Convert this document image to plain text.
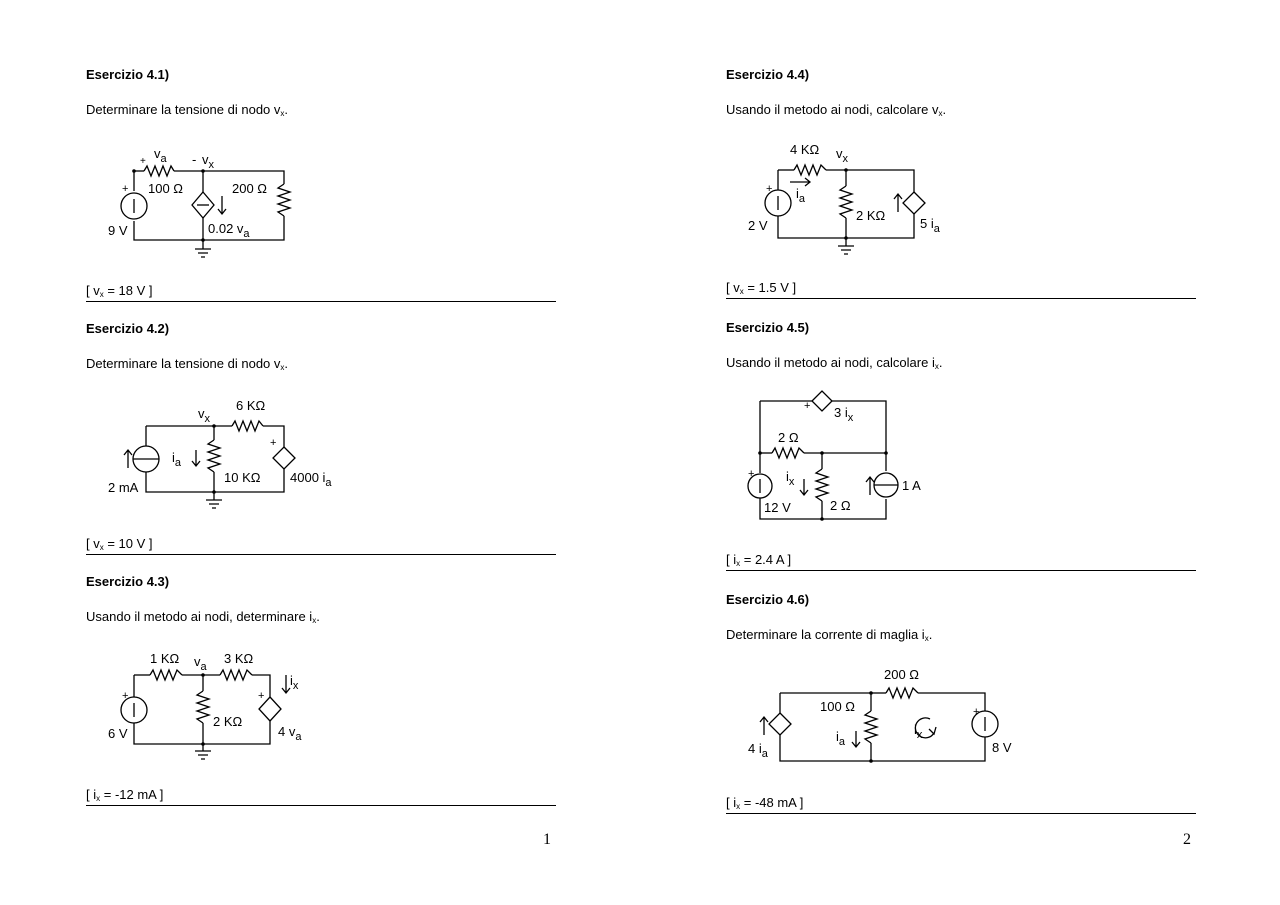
Esercizio 4.1)
Determinare la tensione di nodo $v_x$.
+
$v_a - v_x$
100 Ω	200 Ω
+
9 V	0.02 $v_a$
[ $v_x = 18$ V ]
Esercizio 4.2)
Determinare la tensione di nodo $v_x$.
$v_x$
6 KΩ
10 KΩ
2 mA
$i_a$
+
4000 $i_a$
[ $v_x = 10$ V ]
Esercizio 4.3)
Usando il metodo ai nodi, determinare $i_x$.
1 KΩ $v_a$
3 KΩ
2 KΩ
+
6 V
+
$i_x$
4 $v_a$
[ $i_x = -12$ mA ]
1
Esercizio 4.4)
Usando il metodo ai nodi, calcolare $v_x$.
4 KΩ $v_x$
$i_a$
2 KΩ
+
2 V	5 $i_a$
[ $v_x = 1.5$ V ]
Esercizio 4.5)
Usando il metodo ai nodi, calcolare $i_x$.
+ 3 $i_x$
2 Ω
$i_x$
2 Ω
+
12 V
1 A
[ $i_x = 2.4$ A ]
Esercizio 4.6)
Determinare la corrente di maglia $i_x$.
200 Ω
100 Ω
$i_a$
$i_x$
4 $i_a$
+
8 V
[ $i_x = -48$ mA ]
2
